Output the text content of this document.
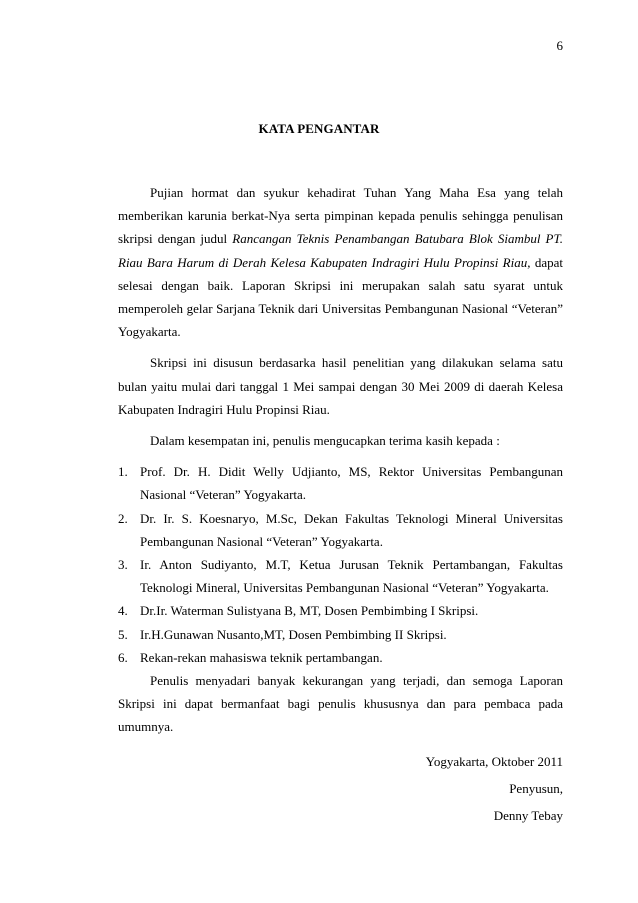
6
KATA PENGANTAR

Pujian hormat dan syukur kehadirat Tuhan Yang Maha Esa yang telah memberikan karunia berkat-Nya serta pimpinan kepada penulis sehingga penulisan skripsi dengan judul Rancangan Teknis Penambangan Batubara Blok Siambul PT. Riau Bara Harum di Derah Kelesa Kabupaten Indragiri Hulu Propinsi Riau, dapat selesai dengan baik. Laporan Skripsi ini merupakan salah satu syarat untuk memperoleh gelar Sarjana Teknik dari Universitas Pembangunan Nasional “Veteran” Yogyakarta.

Skripsi ini disusun berdasarka hasil penelitian yang dilakukan selama satu bulan yaitu mulai dari tanggal 1 Mei sampai dengan 30 Mei 2009 di daerah Kelesa Kabupaten Indragiri Hulu Propinsi Riau.

Dalam kesempatan ini, penulis mengucapkan terima kasih kepada :

1. Prof. Dr. H. Didit Welly Udjianto, MS, Rektor Universitas Pembangunan Nasional “Veteran” Yogyakarta.
2. Dr. Ir. S. Koesnaryo, M.Sc, Dekan Fakultas Teknologi Mineral Universitas Pembangunan Nasional “Veteran” Yogyakarta.
3. Ir. Anton Sudiyanto, M.T, Ketua Jurusan Teknik Pertambangan, Fakultas Teknologi Mineral, Universitas Pembangunan Nasional “Veteran” Yogyakarta.
4. Dr.Ir. Waterman Sulistyana B, MT, Dosen Pembimbing I Skripsi.
5. Ir.H.Gunawan Nusanto,MT, Dosen Pembimbing II Skripsi.
6. Rekan-rekan mahasiswa teknik pertambangan.

Penulis menyadari banyak kekurangan yang terjadi, dan semoga Laporan Skripsi ini dapat bermanfaat bagi penulis khususnya dan para pembaca pada umumnya.

Yogyakarta, Oktober 2011
Penyusun,
Denny Tebay
